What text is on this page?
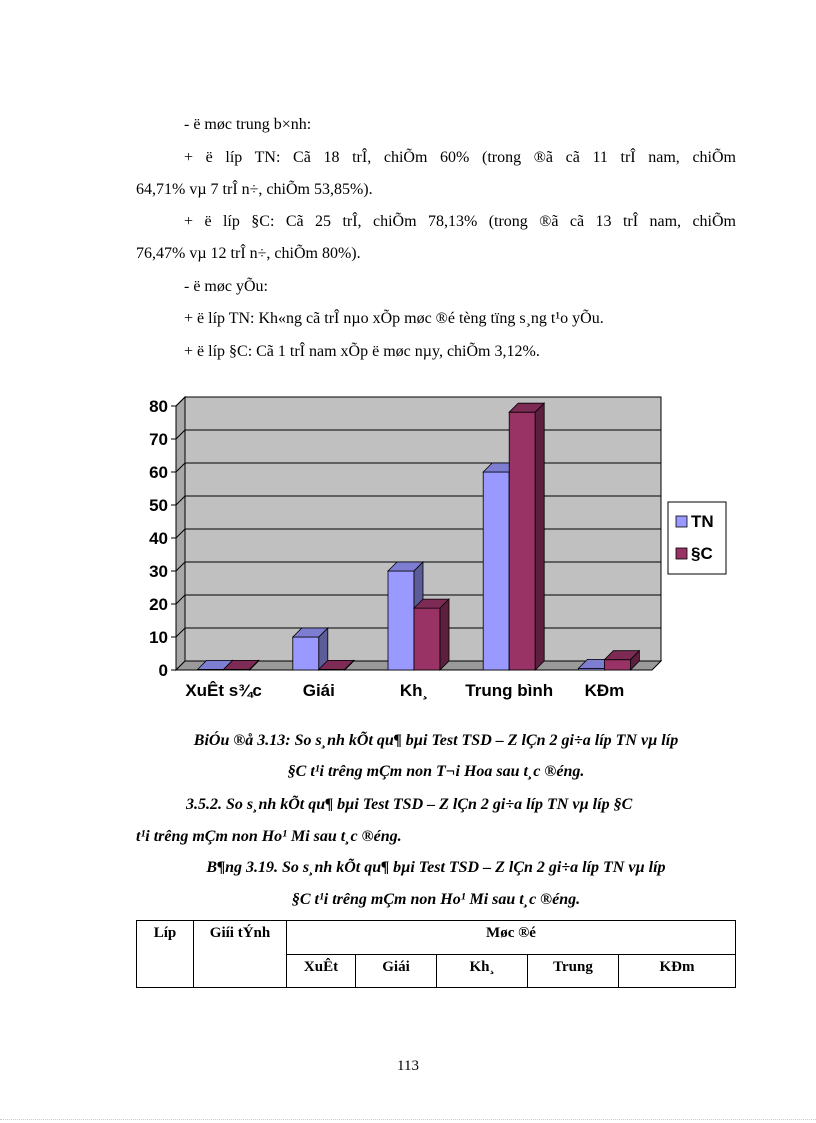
- ë møc trung b×nh:
+ ë líp TN: Cã 18 trÎ, chiÕm 60% (trong ®ã cã 11 trÎ nam, chiÕm
64,71% vµ 7 trÎ n÷, chiÕm 53,85%).
+ ë líp §C: Cã 25 trÎ, chiÕm 78,13% (trong ®ã cã 13 trÎ nam, chiÕm
76,47% vµ 12 trÎ n÷, chiÕm 80%).
- ë møc yÕu:
+ ë líp TN: Kh«ng cã trÎ nµo xÕp møc ®é tèng tïng s¸ng t¹o yÕu.
+ ë líp §C: Cã 1 trÎ nam xÕp ë møc nµy, chiÕm 3,12%.
0
10
20
30
40
50
60
70
80
XuÊt s¾c Giái	Kh¸ Trung bình KÐm
TN
§C
BiÓu ®å 3.13: So s¸nh kÕt qu¶ bµi Test TSD – Z lÇn 2 gi÷a líp TN vµ líp
§C t¹i trêng mÇm non T¬i Hoa sau t¸c ®éng.
3.5.2. So s¸nh kÕt qu¶ bµi Test TSD – Z lÇn 2 gi÷a líp TN vµ líp §C
t¹i trêng mÇm non Ho¹ Mi sau t¸c ®éng.
B¶ng 3.19. So s¸nh kÕt qu¶ bµi Test TSD – Z lÇn 2 gi÷a líp TN vµ líp
§C t¹i trêng mÇm non Ho¹ Mi sau t¸c ®éng.
Líp	Giíi tÝnh	Møc ®é				
		XuÊt	Giái	Kh¸	Trung	KÐm
113
